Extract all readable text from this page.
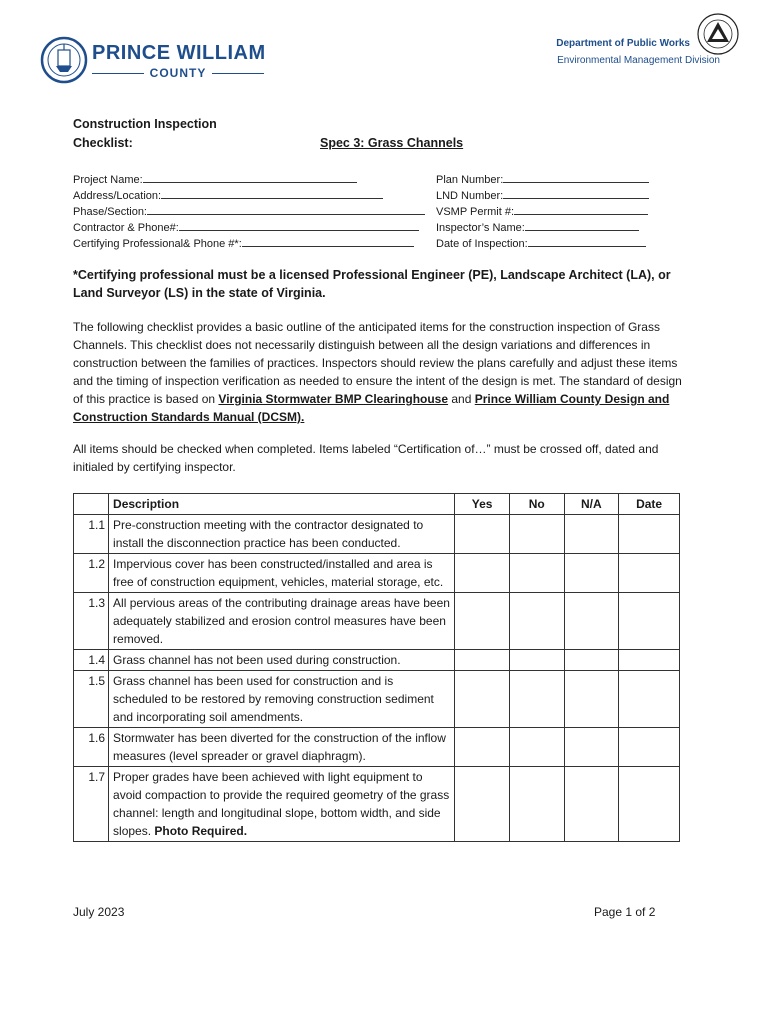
PRINCE WILLIAM
COUNTY
Department of Public Works
Environmental Management Division
Construction Inspection
Checklist:	Spec 3: Grass Channels
Project Name:
Address/Location:
Phase/Section:
Contractor & Phone#:
Certifying Professional& Phone #*:
Plan Number:
LND Number:
VSMP Permit #:
Inspector’s Name:
Date of Inspection:
*Certifying professional must be a licensed Professional Engineer (PE), Landscape Architect (LA), or Land Surveyor (LS) in the state of Virginia.
The following checklist provides a basic outline of the anticipated items for the construction inspection of Grass Channels. This checklist does not necessarily distinguish between all the design variations and differences in construction between the families of practices. Inspectors should review the plans carefully and adjust these items and the timing of inspection verification as needed to ensure the intent of the design is met. The standard of design of this practice is based on Virginia Stormwater BMP Clearinghouse and Prince William County Design and Construction Standards Manual (DCSM).
All items should be checked when completed. Items labeled “Certification of…” must be crossed off, dated and initialed by certifying inspector.
	Description	Yes	No	N/A	Date
1.1	Pre-construction meeting with the contractor designated to install the disconnection practice has been conducted.				
1.2	Impervious cover has been constructed/installed and area is free of construction equipment, vehicles, material storage, etc.				
1.3	All pervious areas of the contributing drainage areas have been adequately stabilized and erosion control measures have been removed.				
1.4	Grass channel has not been used during construction.				
1.5	Grass channel has been used for construction and is scheduled to be restored by removing construction sediment and incorporating soil amendments.				
1.6	Stormwater has been diverted for the construction of the inflow measures (level spreader or gravel diaphragm).				
1.7	Proper grades have been achieved with light equipment to avoid compaction to provide the required geometry of the grass channel: length and longitudinal slope, bottom width, and side slopes. Photo Required.				
July 2023	Page 1 of 2
